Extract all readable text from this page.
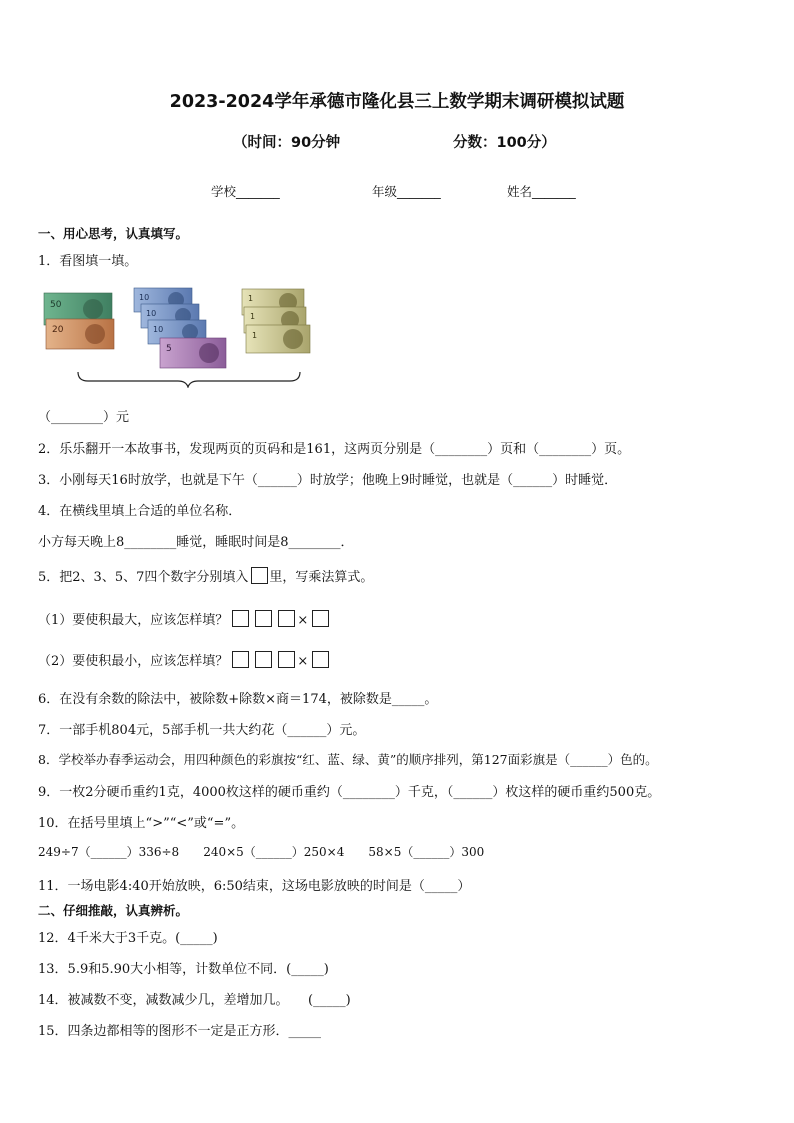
2023-2024学年承德市隆化县三上数学期末调研模拟试题
（时间：90分钟	分数：100分）
学校_______	年级_______	姓名_______
一、用心思考，认真填写。
1．看图填一填。
50
20
10
10
10
5
1
1
1
（________）元
2．乐乐翻开一本故事书，发现两页的页码和是161，这两页分别是（________）页和（________）页。
3．小刚每天16时放学，也就是下午（______）时放学；他晚上9时睡觉，也就是（______）时睡觉．
4．在横线里填上合适的单位名称．
小方每天晚上8________睡觉，睡眠时间是8________．
5．把2、3、5、7四个数字分别填入 里，写乘法算式。
（1）要使积最大，应该怎样填？	×
（2）要使积最小，应该怎样填？	×
6．在没有余数的除法中，被除数+除数×商＝174，被除数是_____。
7．一部手机804元，5部手机一共大约花（______）元。
8．学校举办春季运动会，用四种颜色的彩旗按“红、蓝、绿、黄”的顺序排列，第127面彩旗是（______）色的。
9．一枚2分硬币重约1克，4000枚这样的硬币重约（________）千克，（______）枚这样的硬币重约500克。
10．在括号里填上“>”“<”或“=”。
249÷7（______）336÷8　　240×5（______）250×4　　58×5（______）300
11．一场电影4:40开始放映，6:50结束，这场电影放映的时间是（_____）
二、仔细推敲，认真辨析。
12．4千米大于3千克。(_____)
13．5.9和5.90大小相等，计数单位不同．(_____)
14．被减数不变，减数减少几，差增加几。　　(_____)
15．四条边都相等的图形不一定是正方形．_____
